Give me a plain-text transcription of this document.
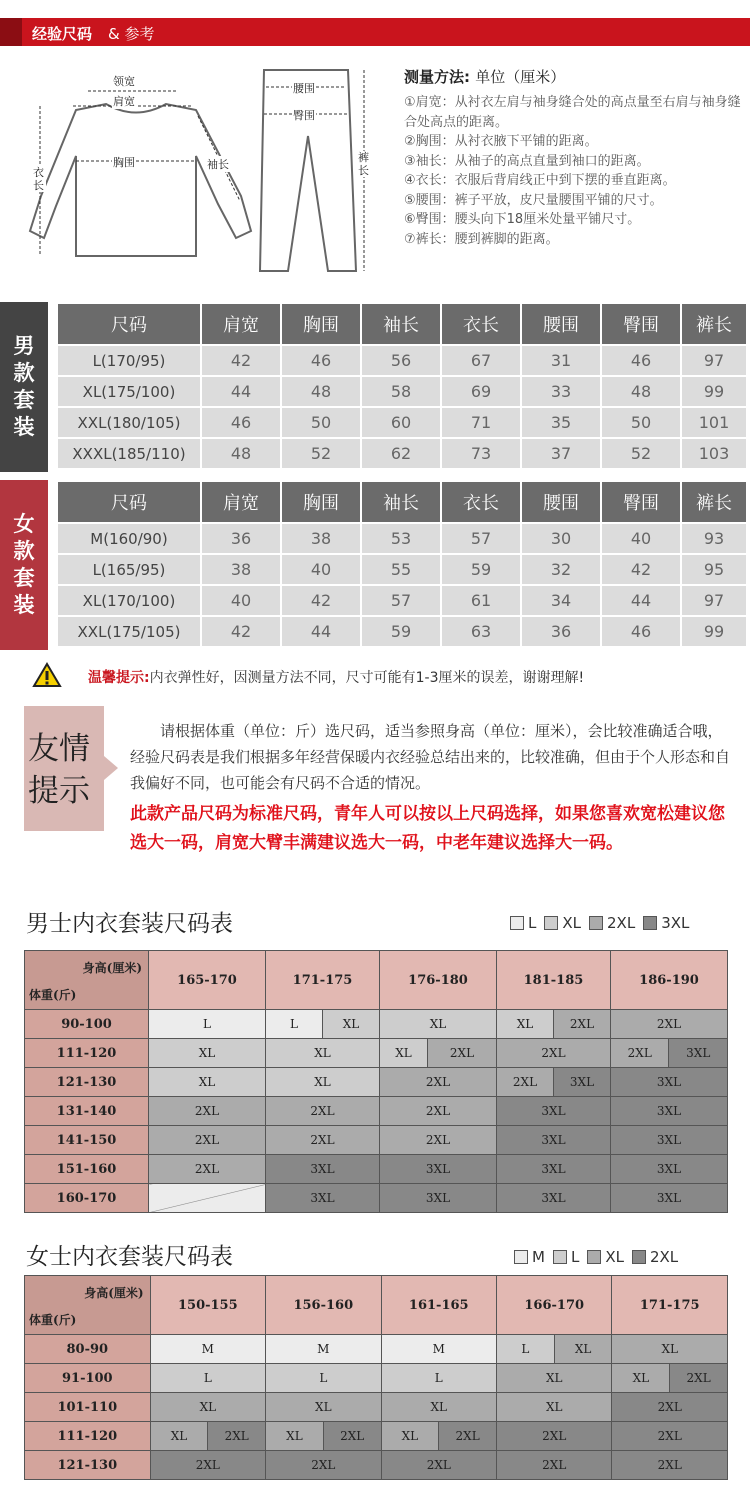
经验尺码 & 参考
领宽
肩宽
胸围	袖长
衣长
腰围
臀围
裤长
测量方法: 单位（厘米）

①肩宽：从衬衣左肩与袖身缝合处的高点量至右肩与袖身缝合处高点的距离。

②胸围：从衬衣腋下平铺的距离。

③袖长：从袖子的高点直量到袖口的距离。

④衣长：衣服后背肩线正中到下摆的垂直距离。

⑤腰围：裤子平放，皮尺量腰围平铺的尺寸。

⑥臀围：腰头向下18厘米处量平铺尺寸。

⑦裤长：腰到裤脚的距离。

男
款
套
装
尺码	肩宽	胸围	袖长	衣长	腰围	臀围	裤长
L(170/95)	42	46	56	67	31	46	97
XL(175/100)	44	48	58	69	33	48	99
XXL(180/105)	46	50	60	71	35	50	101
XXXL(185/110)	48	52	62	73	37	52	103
女
款
套
装
尺码	肩宽	胸围	袖长	衣长	腰围	臀围	裤长
M(160/90)	36	38	53	57	30	40	93
L(165/95)	38	40	55	59	32	42	95
XL(170/100)	40	42	57	61	34	44	97
XXL(175/105)	42	44	59	63	36	46	99
温馨提示:内衣弹性好，因测量方法不同，尺寸可能有1-3厘米的误差，谢谢理解!
友情
提示

请根据体重（单位：斤）选尺码，适当参照身高（单位：厘米），会比较准确适合哦，经验尺码表是我们根据多年经营保暖内衣经验总结出来的，比较准确，但由于个人形态和自我偏好不同，也可能会有尺码不合适的情况。

此款产品尺码为标准尺码，青年人可以按以上尺码选择，如果您喜欢宽松建议您选大一码，肩宽大臂丰满建议选大一码，中老年建议选择大一码。

男士内衣套装尺码表	L XL 2XL 3XL
身高(厘米)
体重(斤)	165-170	171-175		176-180		181-185		186-190	
90-100	L	L	XL	XL		XL	2XL	2XL	
111-120	XL	XL		XL	2XL	2XL		2XL	3XL
121-130	XL	XL		2XL		2XL	3XL	3XL	
131-140	2XL	2XL		2XL		3XL		3XL	
141-150	2XL	2XL		2XL		3XL		3XL	
151-160	2XL	3XL		3XL		3XL		3XL	
160-170		3XL		3XL		3XL		3XL	
女士内衣套装尺码表	M L XL 2XL
身高(厘米)
体重(斤)	150-155		156-160		161-165		166-170		171-175	
80-90	M		M		M		L	XL	XL	
91-100	L		L		L		XL		XL	2XL
101-110	XL		XL		XL		XL		2XL	
111-120	XL	2XL	XL	2XL	XL	2XL	2XL		2XL	
121-130	2XL		2XL		2XL		2XL		2XL	
